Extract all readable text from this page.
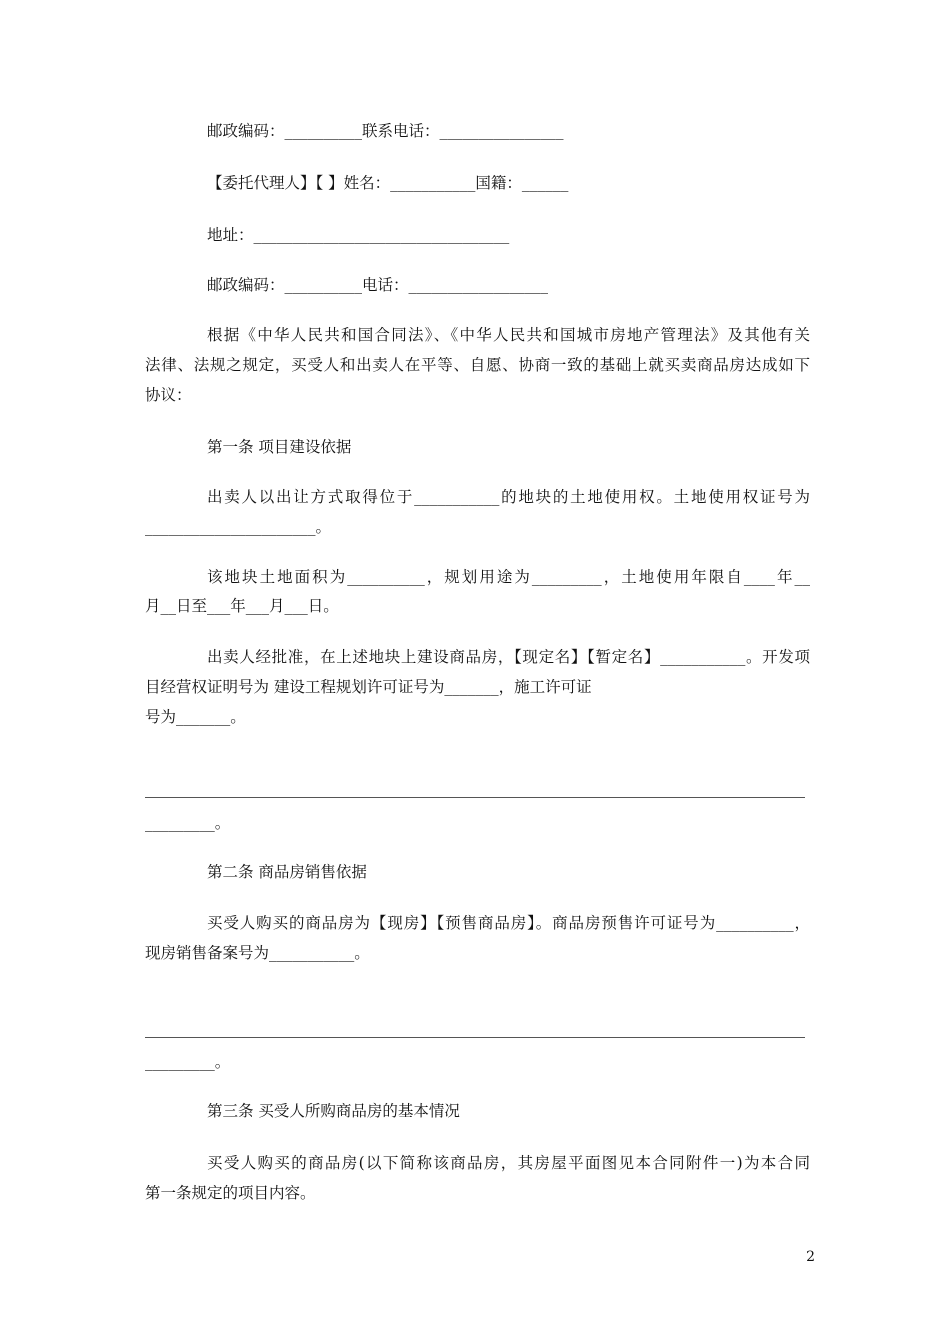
邮政编码：__________联系电话：________________

【委托代理人】【 】姓名：___________国籍：______

地址：_________________________________

邮政编码：__________电话：__________________

根据《中华人民共和国合同法》、《中华人民共和国城市房地产管理法》及其他有关

法律、法规之规定，买受人和出卖人在平等、自愿、协商一致的基础上就买卖商品房达成如下

协议：

第一条 项目建设依据

出卖人以出让方式取得位于___________的地块的土地使用权。土地使用权证号为

______________________。

该地块土地面积为__________，规划用途为_________，土地使用年限自____年__

月__日至___年___月___日。

出卖人经批准，在上述地块上建设商品房，【现定名】【暂定名】___________。开发项

目经营权证明号为 建设工程规划许可证号为_______，施工许可证

号为_______。

_________。

第二条 商品房销售依据

买受人购买的商品房为【现房】【预售商品房】。商品房预售许可证号为__________，

现房销售备案号为___________。

_________。

第三条 买受人所购商品房的基本情况

买受人购买的商品房(以下简称该商品房，其房屋平面图见本合同附件一)为本合同

第一条规定的项目内容。

2
